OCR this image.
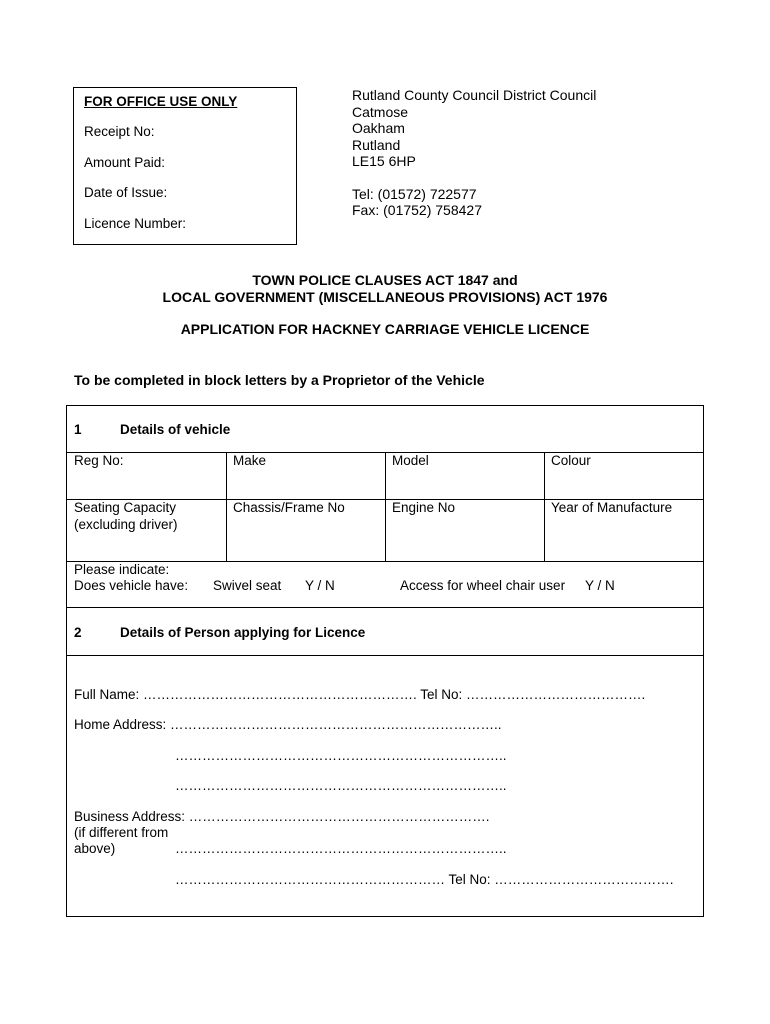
FOR OFFICE USE ONLY
Receipt No:
Amount Paid:
Date of Issue:
Licence Number:
Rutland County Council District Council
Catmose
Oakham
Rutland
LE15 6HP
Tel: (01572) 722577
Fax: (01752) 758427
TOWN POLICE CLAUSES ACT 1847 and
LOCAL GOVERNMENT (MISCELLANEOUS PROVISIONS) ACT 1976
APPLICATION FOR HACKNEY CARRIAGE VEHICLE LICENCE
To be completed in block letters by a Proprietor of the Vehicle
1	Details of vehicle
Reg No:	Make	Model	Colour
Seating Capacity
(excluding driver)
Chassis/Frame No	Engine No	Year of Manufacture
Please indicate:
Does vehicle have: Swivel seat Y / N	Access for wheel chair user Y / N
2	Details of Person applying for Licence
Full Name: ……………………………………………………. Tel No: ………………………………….
Home Address: ………………………………………………………………..
………………………………………………………………..
………………………………………………………………..
Business Address: ………………………………………………………….
(if different from
above)	………………………………………………………………..
…………………………………………………… Tel No: ………………………………….
